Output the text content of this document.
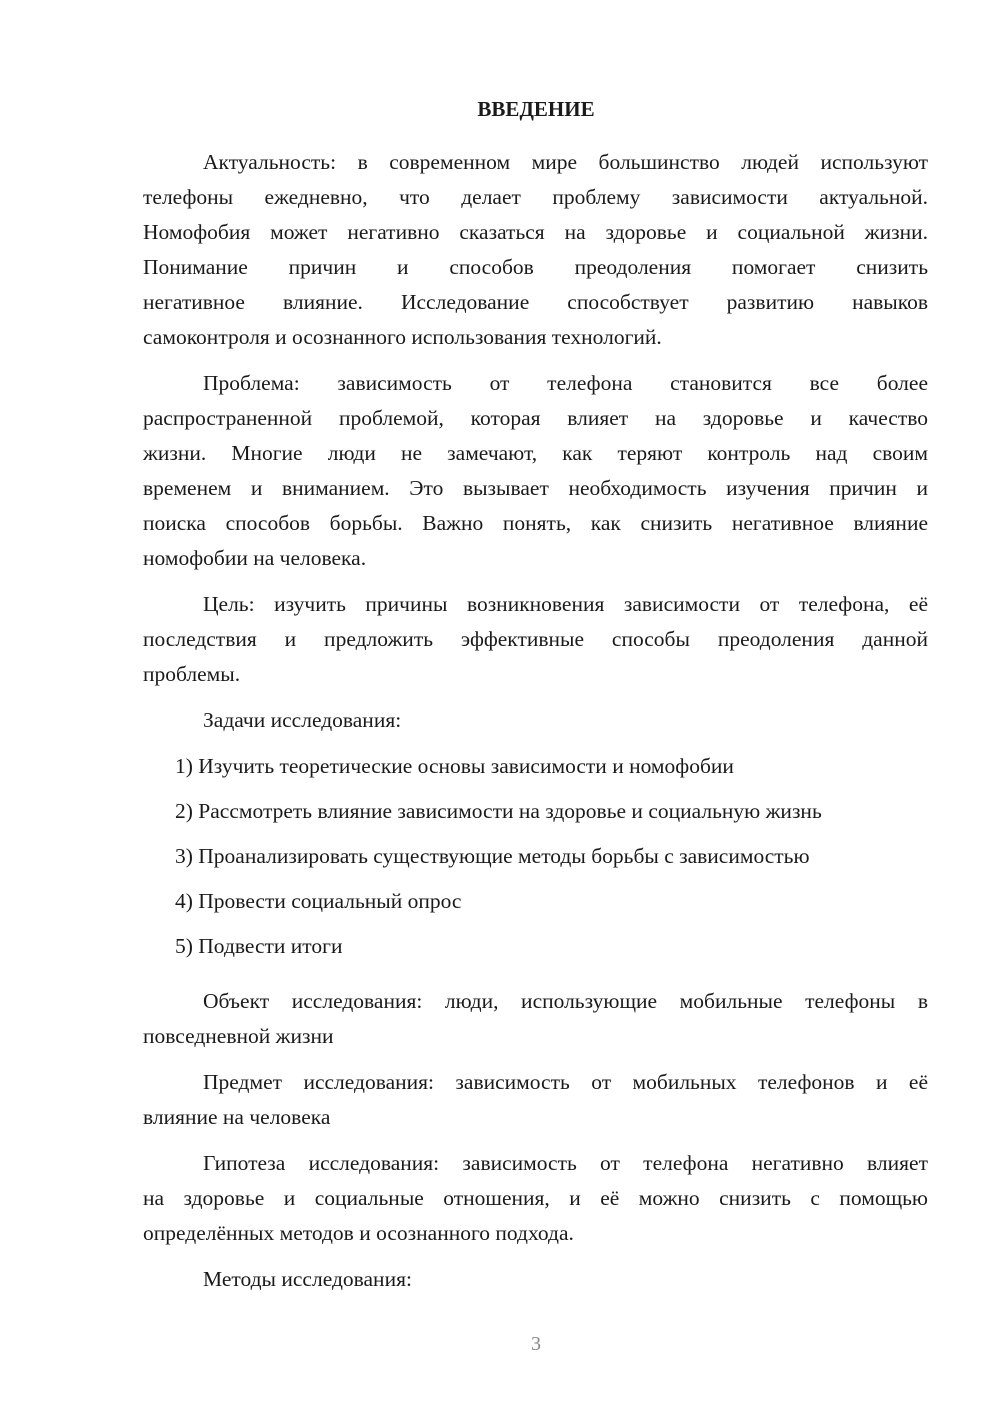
ВВЕДЕНИЕ
Актуальность: в современном мире большинство людей используют
телефоны ежедневно, что делает проблему зависимости актуальной.
Номофобия может негативно сказаться на здоровье и социальной жизни.
Понимание причин и способов преодоления помогает снизить
негативное влияние. Исследование способствует развитию навыков
самоконтроля и осознанного использования технологий.
Проблема: зависимость от телефона становится все более
распространенной проблемой, которая влияет на здоровье и качество
жизни. Многие люди не замечают, как теряют контроль над своим
временем и вниманием. Это вызывает необходимость изучения причин и
поиска способов борьбы. Важно понять, как снизить негативное влияние
номофобии на человека.
Цель: изучить причины возникновения зависимости от телефона, её
последствия и предложить эффективные способы преодоления данной
проблемы.
Задачи исследования:
1) Изучить теоретические основы зависимости и номофобии
2) Рассмотреть влияние зависимости на здоровье и социальную жизнь
3) Проанализировать существующие методы борьбы с зависимостью
4) Провести социальный опрос
5) Подвести итоги
Объект исследования: люди, использующие мобильные телефоны в
повседневной жизни
Предмет исследования: зависимость от мобильных телефонов и её
влияние на человека
Гипотеза исследования: зависимость от телефона негативно влияет
на здоровье и социальные отношения, и её можно снизить с помощью
определённых методов и осознанного подхода.
Методы исследования:
3
